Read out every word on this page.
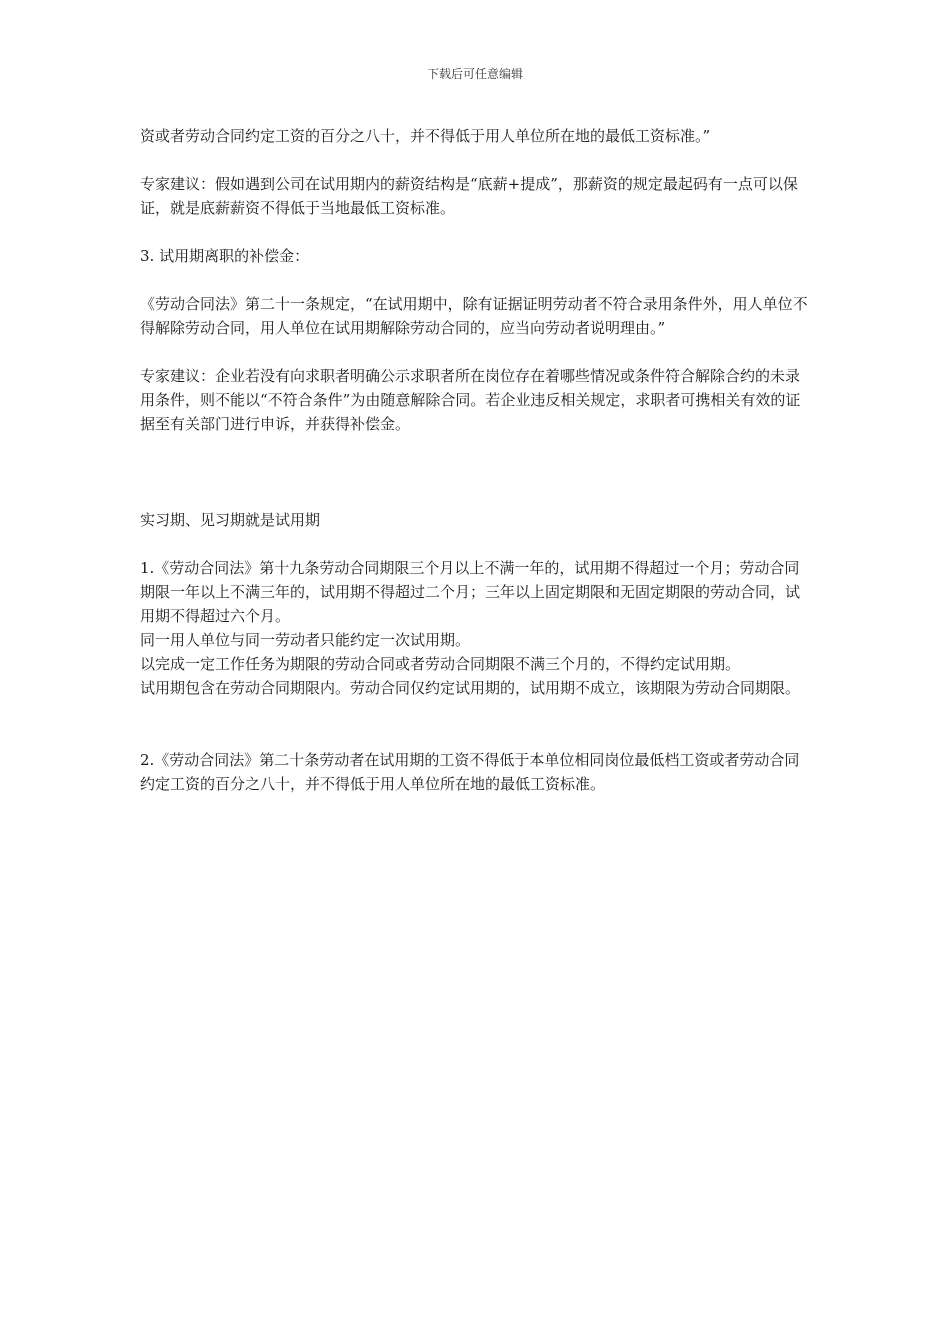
下载后可任意编辑

资或者劳动合同约定工资的百分之八十，并不得低于用人单位所在地的最低工资标准。”

专家建议：假如遇到公司在试用期内的薪资结构是“底薪+提成”，那薪资的规定最起码有一点可以保证，就是底薪薪资不得低于当地最低工资标准。

3. 试用期离职的补偿金：

《劳动合同法》第二十一条规定，“在试用期中，除有证据证明劳动者不符合录用条件外，用人单位不得解除劳动合同，用人单位在试用期解除劳动合同的，应当向劳动者说明理由。”

专家建议：企业若没有向求职者明确公示求职者所在岗位存在着哪些情况或条件符合解除合约的未录用条件，则不能以“不符合条件”为由随意解除合同。若企业违反相关规定，求职者可携相关有效的证据至有关部门进行申诉，并获得补偿金。

实习期、见习期就是试用期

1.《劳动合同法》第十九条劳动合同期限三个月以上不满一年的，试用期不得超过一个月；劳动合同期限一年以上不满三年的，试用期不得超过二个月；三年以上固定期限和无固定期限的劳动合同，试用期不得超过六个月。

同一用人单位与同一劳动者只能约定一次试用期。

以完成一定工作任务为期限的劳动合同或者劳动合同期限不满三个月的，不得约定试用期。

试用期包含在劳动合同期限内。劳动合同仅约定试用期的，试用期不成立，该期限为劳动合同期限。

2.《劳动合同法》第二十条劳动者在试用期的工资不得低于本单位相同岗位最低档工资或者劳动合同约定工资的百分之八十，并不得低于用人单位所在地的最低工资标准。
